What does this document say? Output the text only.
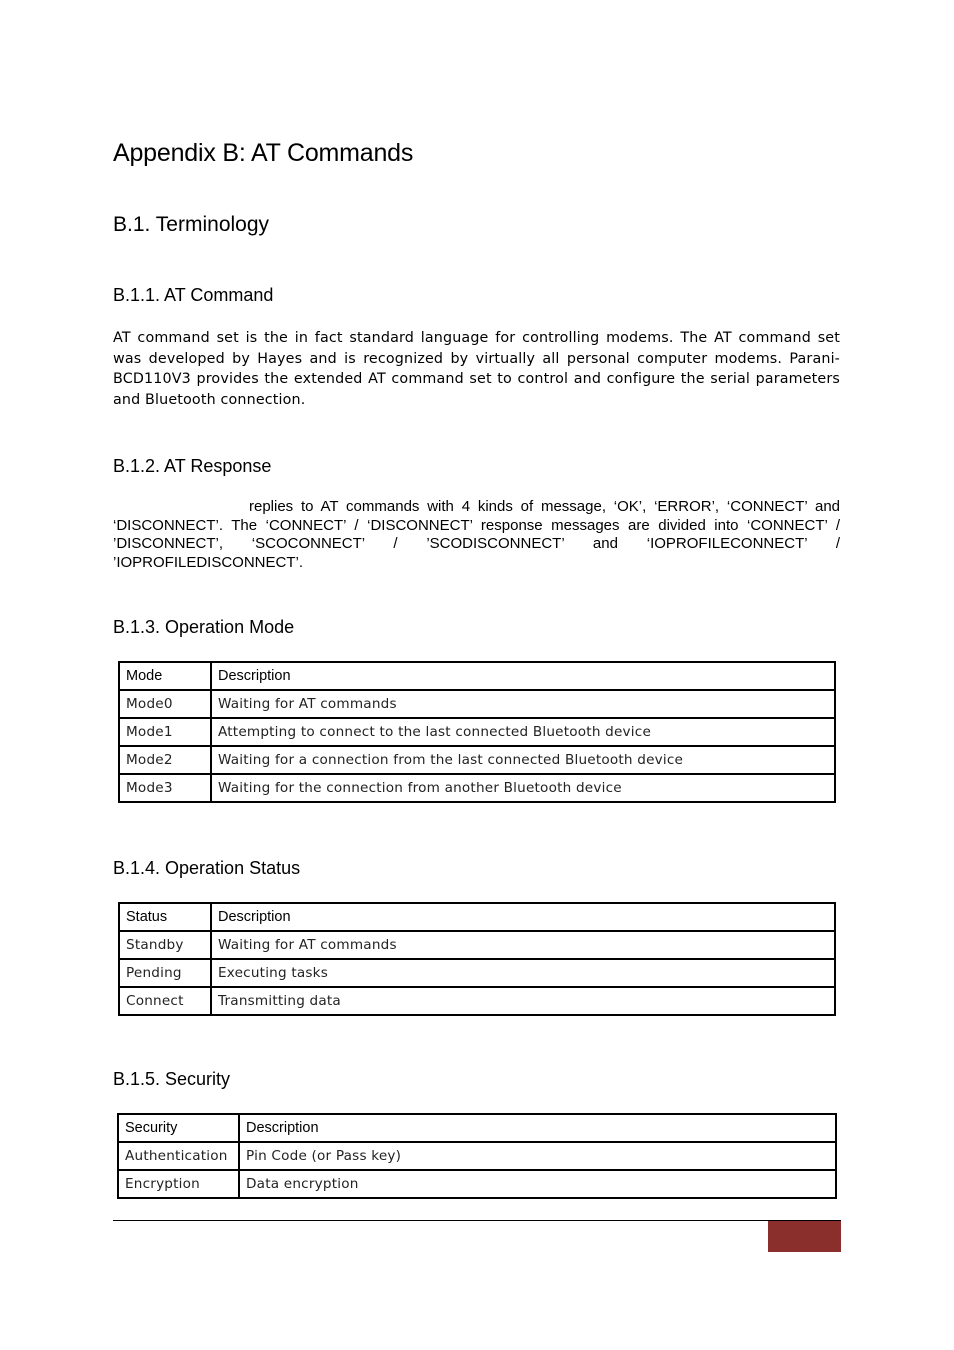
Appendix B: AT Commands
B.1. Terminology
B.1.1. AT Command

AT command set is the in fact standard language for controlling modems. The AT command set was developed by Hayes and is recognized by virtually all personal computer modems. Parani-BCD110V3 provides the extended AT command set to control and configure the serial parameters and Bluetooth connection.

B.1.2. AT Response

replies to AT commands with 4 kinds of message, ‘OK’, ‘ERROR’, ‘CONNECT’ and ‘DISCONNECT’. The ‘CONNECT’ / ‘DISCONNECT’ response messages are divided into ‘CONNECT’ / ’DISCONNECT’, ‘SCOCONNECT’ / ’SCODISCONNECT’ and ‘IOPROFILECONNECT’ / ’IOPROFILEDISCONNECT’.

B.1.3. Operation Mode
Mode	Description
Mode0	Waiting for AT commands
Mode1	Attempting to connect to the last connected Bluetooth device
Mode2	Waiting for a connection from the last connected Bluetooth device
Mode3	Waiting for the connection from another Bluetooth device
B.1.4. Operation Status
Status	Description
Standby	Waiting for AT commands
Pending	Executing tasks
Connect	Transmitting data
B.1.5. Security
Security	Description
Authentication	Pin Code (or Pass key)
Encryption	Data encryption
